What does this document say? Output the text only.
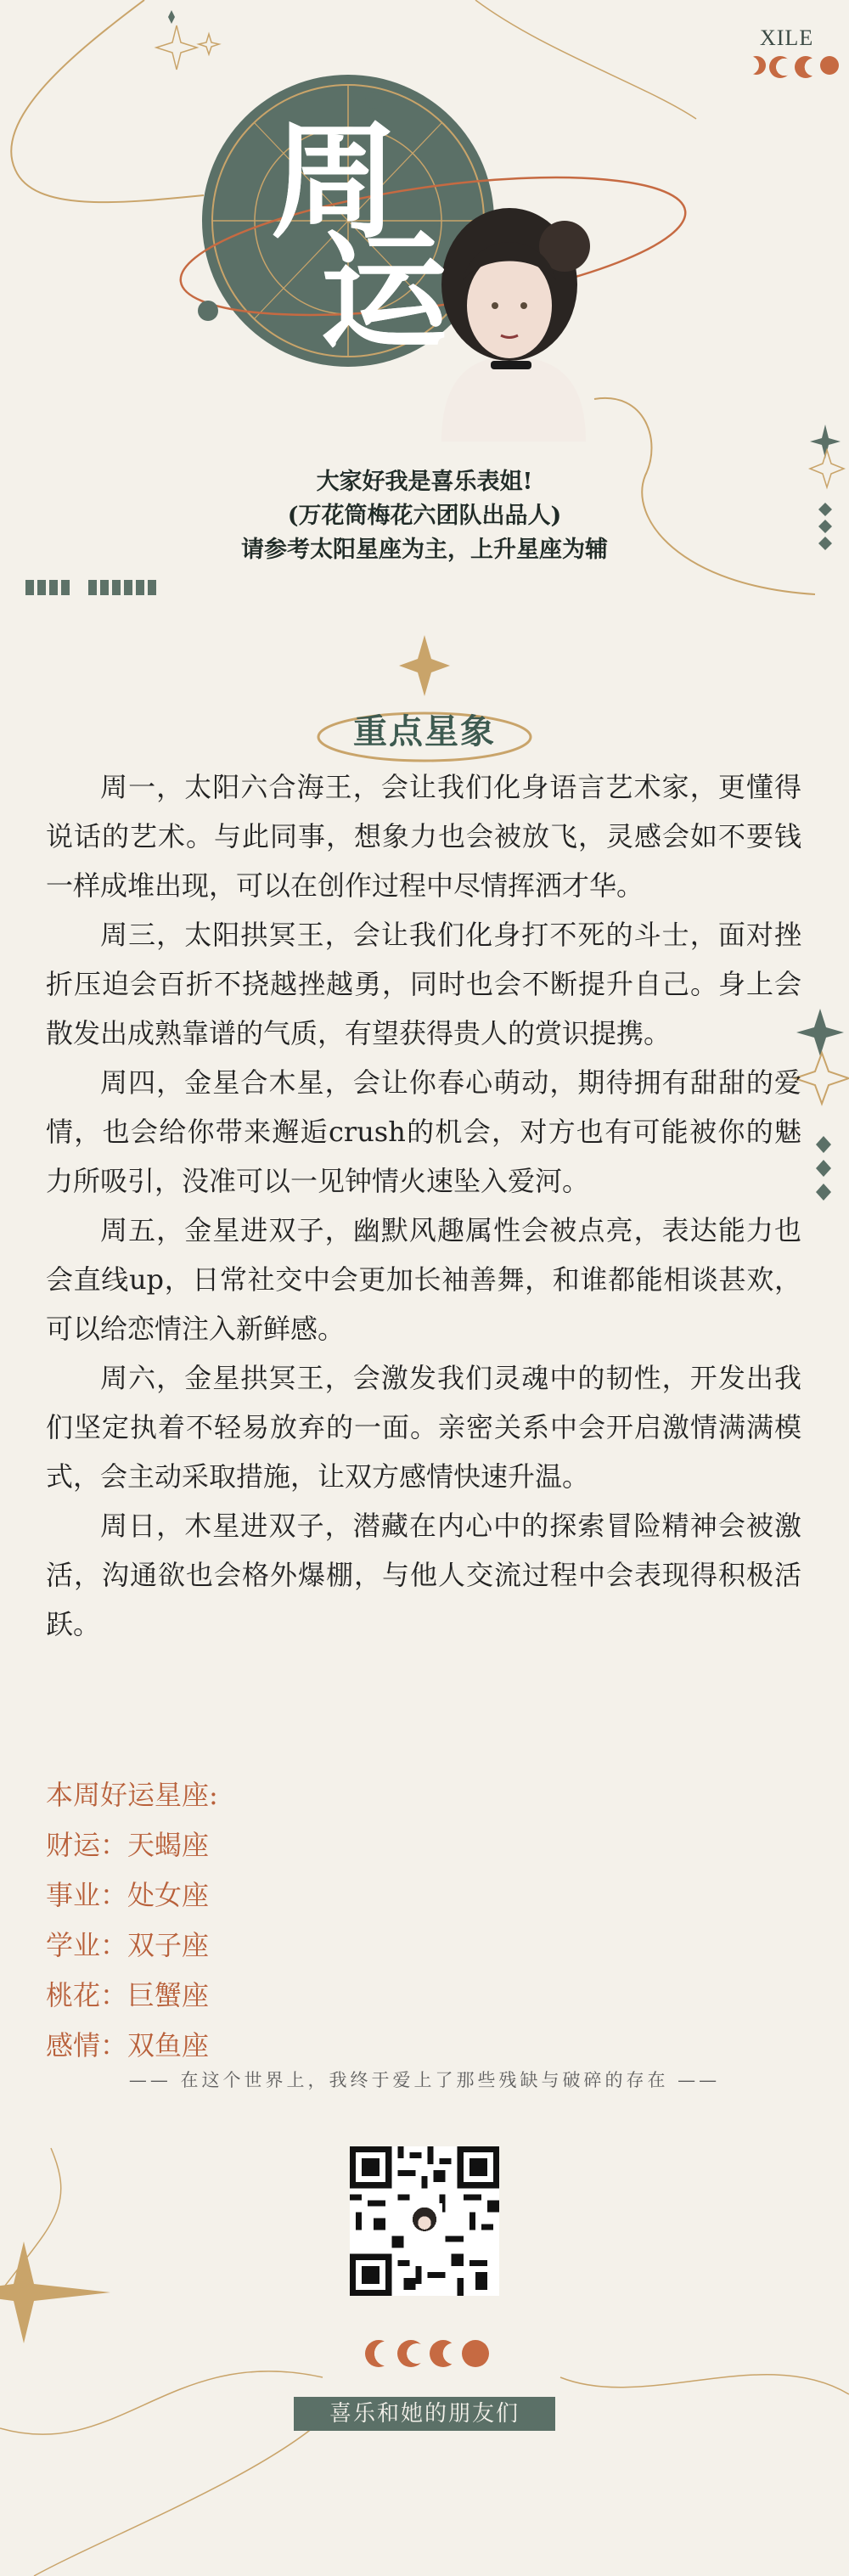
XILE
周
运
大家好我是喜乐表姐!
(万花筒梅花六团队出品人)
请参考太阳星座为主，上升星座为辅
重点星象

周一，太阳六合海王，会让我们化身语言艺术家，更懂得说话的艺术。与此同事，想象力也会被放飞，灵感会如不要钱一样成堆出现，可以在创作过程中尽情挥洒才华。

周三，太阳拱冥王，会让我们化身打不死的斗士，面对挫折压迫会百折不挠越挫越勇，同时也会不断提升自己。身上会散发出成熟靠谱的气质，有望获得贵人的赏识提携。

周四，金星合木星，会让你春心萌动，期待拥有甜甜的爱情，也会给你带来邂逅crush的机会，对方也有可能被你的魅力所吸引，没准可以一见钟情火速坠入爱河。

周五，金星进双子，幽默风趣属性会被点亮，表达能力也会直线up，日常社交中会更加长袖善舞，和谁都能相谈甚欢，可以给恋情注入新鲜感。

周六，金星拱冥王，会激发我们灵魂中的韧性，开发出我们坚定执着不轻易放弃的一面。亲密关系中会开启激情满满模式，会主动采取措施，让双方感情快速升温。

周日，木星进双子，潜藏在内心中的探索冒险精神会被激活，沟通欲也会格外爆棚，与他人交流过程中会表现得积极活跃。

本周好运星座:
财运：天蝎座
事业：处女座
学业：双子座
桃花：巨蟹座
感情：双鱼座
—— 在这个世界上，我终于爱上了那些残缺与破碎的存在 ——
喜乐和她的朋友们
